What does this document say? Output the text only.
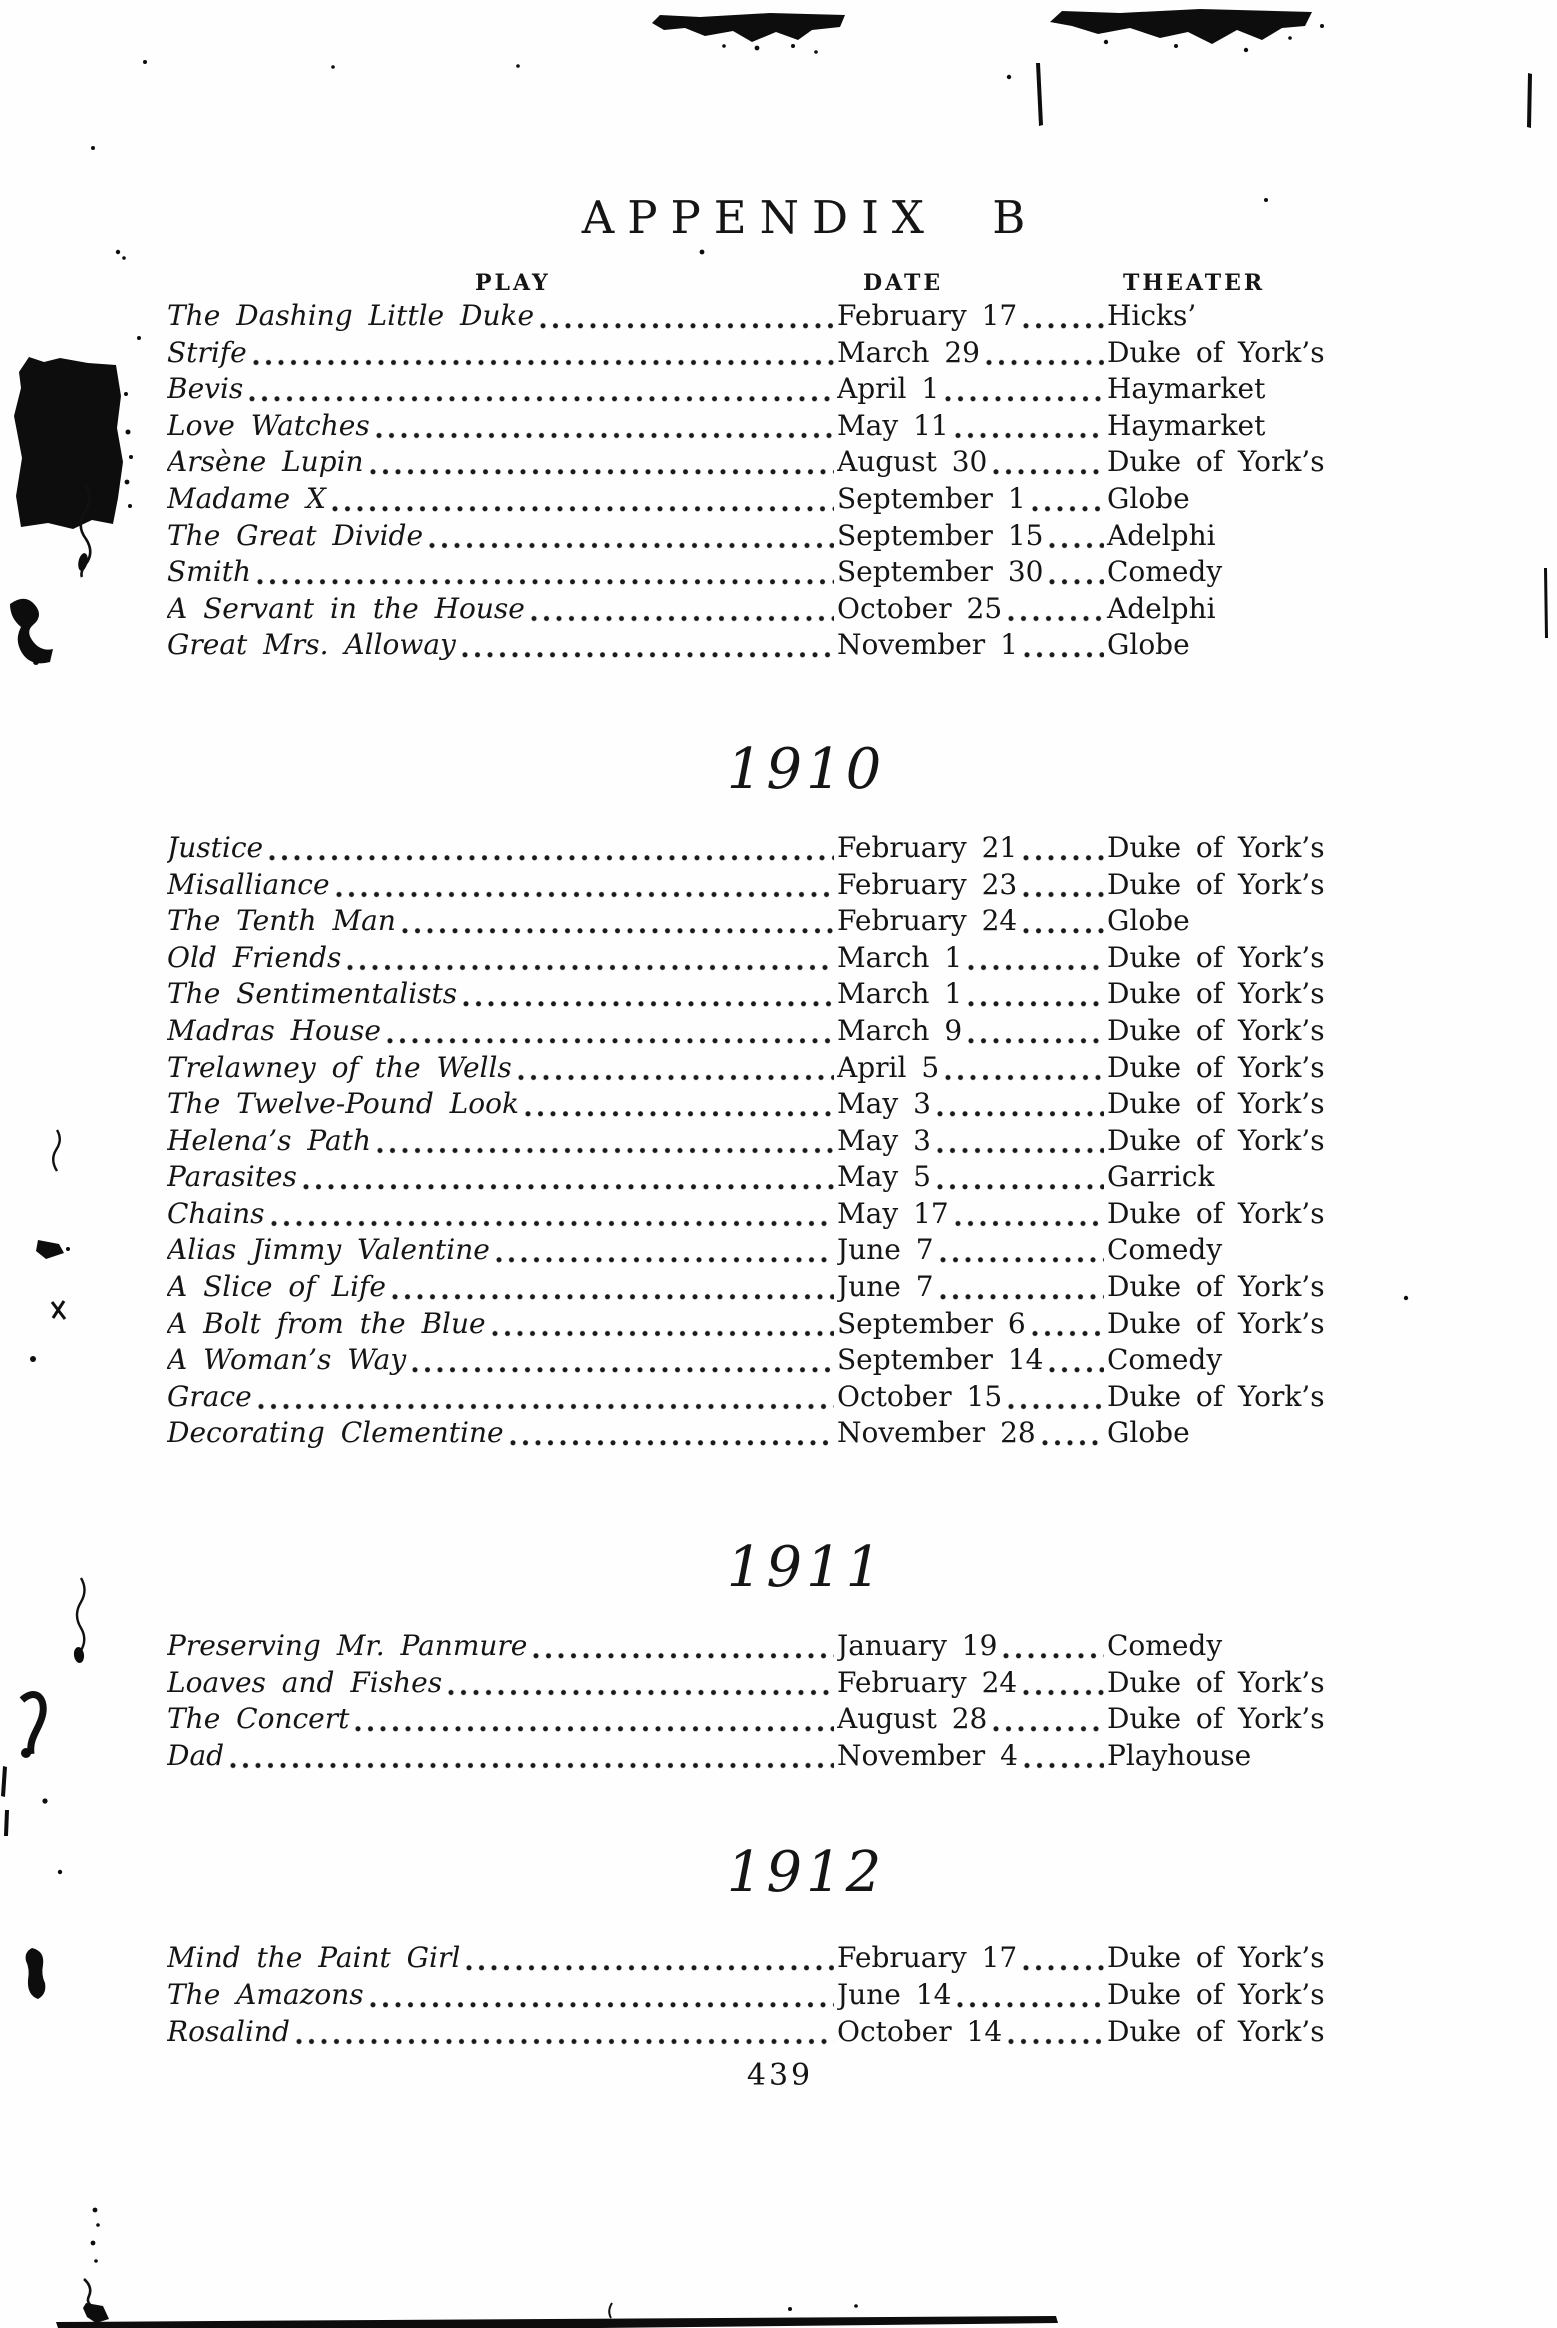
APPENDIX B
PLAY	DATE	THEATER
The Dashing Little Duke	February 17	Hicks’
Strife	March 29	Duke of York’s
Bevis	April 1	Haymarket
Love Watches	May 11	Haymarket
Arsène Lupin	August 30	Duke of York’s
Madame X	September 1	Globe
The Great Divide	September 15 Adelphi
Smith	September 30 Comedy
A Servant in the House	October 25	Adelphi
Great Mrs. Alloway	November 1	Globe
1910
Justice	February 21	Duke of York’s
Misalliance	February 23	Duke of York’s
The Tenth Man	February 24	Globe
Old Friends	March 1	Duke of York’s
The Sentimentalists	March 1	Duke of York’s
Madras House	March 9	Duke of York’s
Trelawney of the Wells	April 5	Duke of York’s
The Twelve-Pound Look	May 3	Duke of York’s
Helena’s Path	May 3	Duke of York’s
Parasites	May 5	Garrick
Chains	May 17	Duke of York’s
Alias Jimmy Valentine	June 7	Comedy
A Slice of Life	June 7	Duke of York’s
A Bolt from the Blue	September 6	Duke of York’s
A Woman’s Way	September 14 Comedy
Grace	October 15	Duke of York’s
Decorating Clementine	November 28	Globe
1911
Preserving Mr. Panmure	January 19	Comedy
Loaves and Fishes	February 24	Duke of York’s
The Concert	August 28	Duke of York’s
Dad	November 4	Playhouse
1912
Mind the Paint Girl	February 17	Duke of York’s
The Amazons	June 14	Duke of York’s
Rosalind	October 14	Duke of York’s
439
